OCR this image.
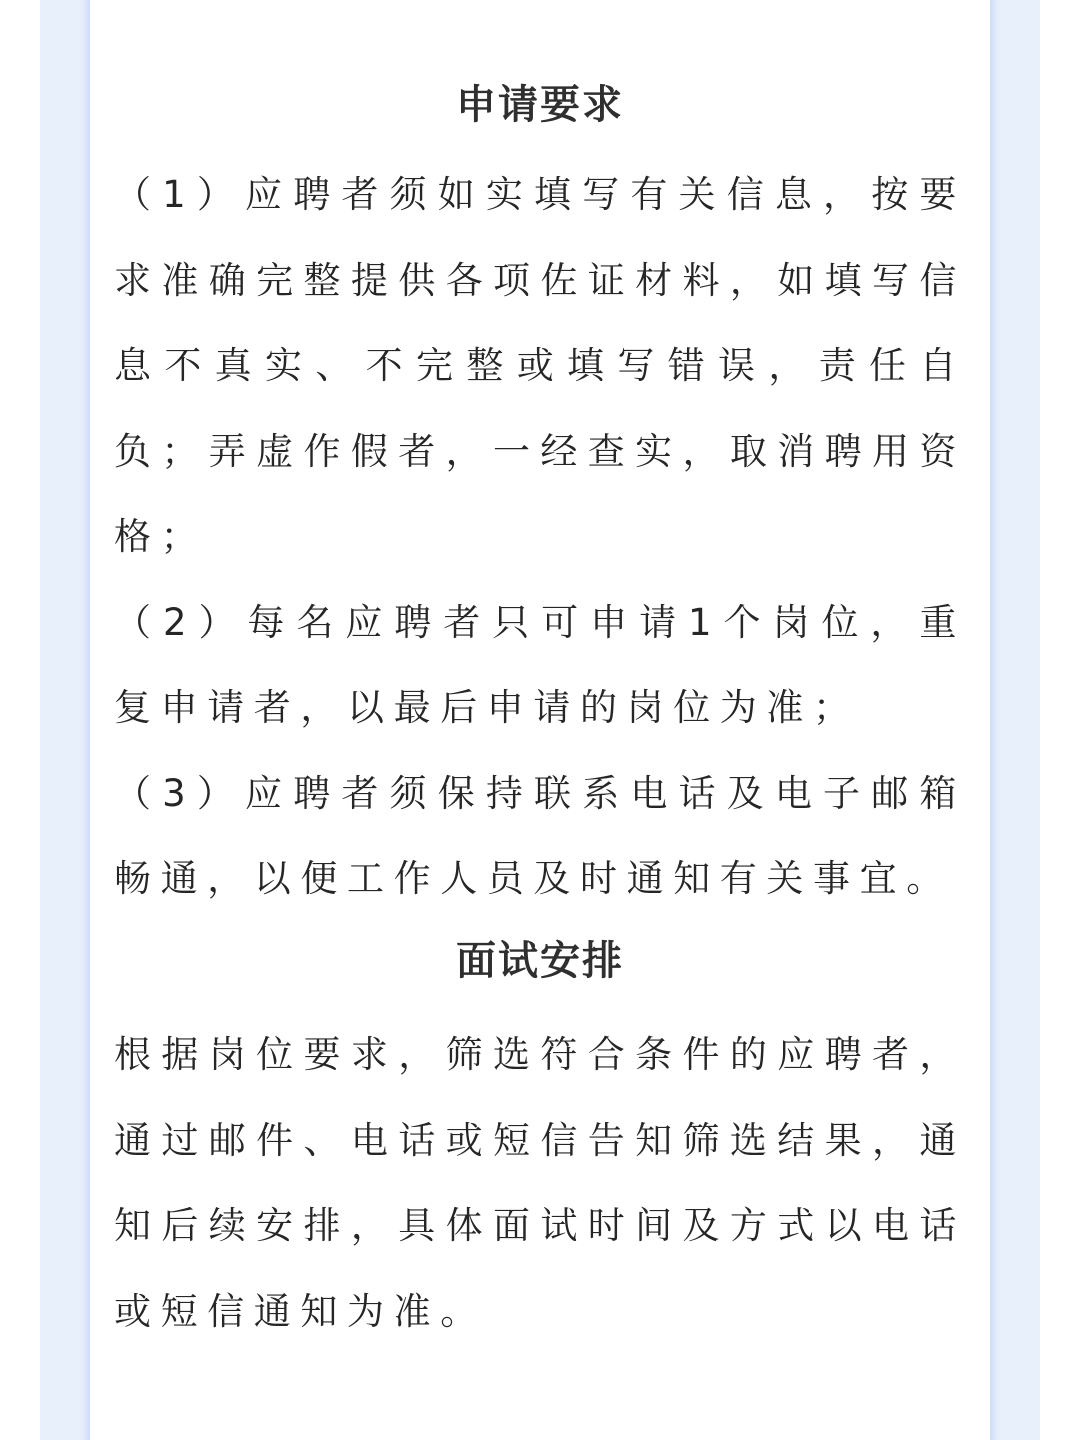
申请要求
（1）应聘者须如实填写有关信息，按要求准确完整提供各项佐证材料，如填写信息不真实、不完整或填写错误，责任自负；弄虚作假者，一经查实，取消聘用资格；
（2）每名应聘者只可申请1个岗位，重复申请者，以最后申请的岗位为准；
（3）应聘者须保持联系电话及电子邮箱畅通，以便工作人员及时通知有关事宜。
面试安排
根据岗位要求，筛选符合条件的应聘者，通过邮件、电话或短信告知筛选结果，通知后续安排，具体面试时间及方式以电话或短信通知为准。
